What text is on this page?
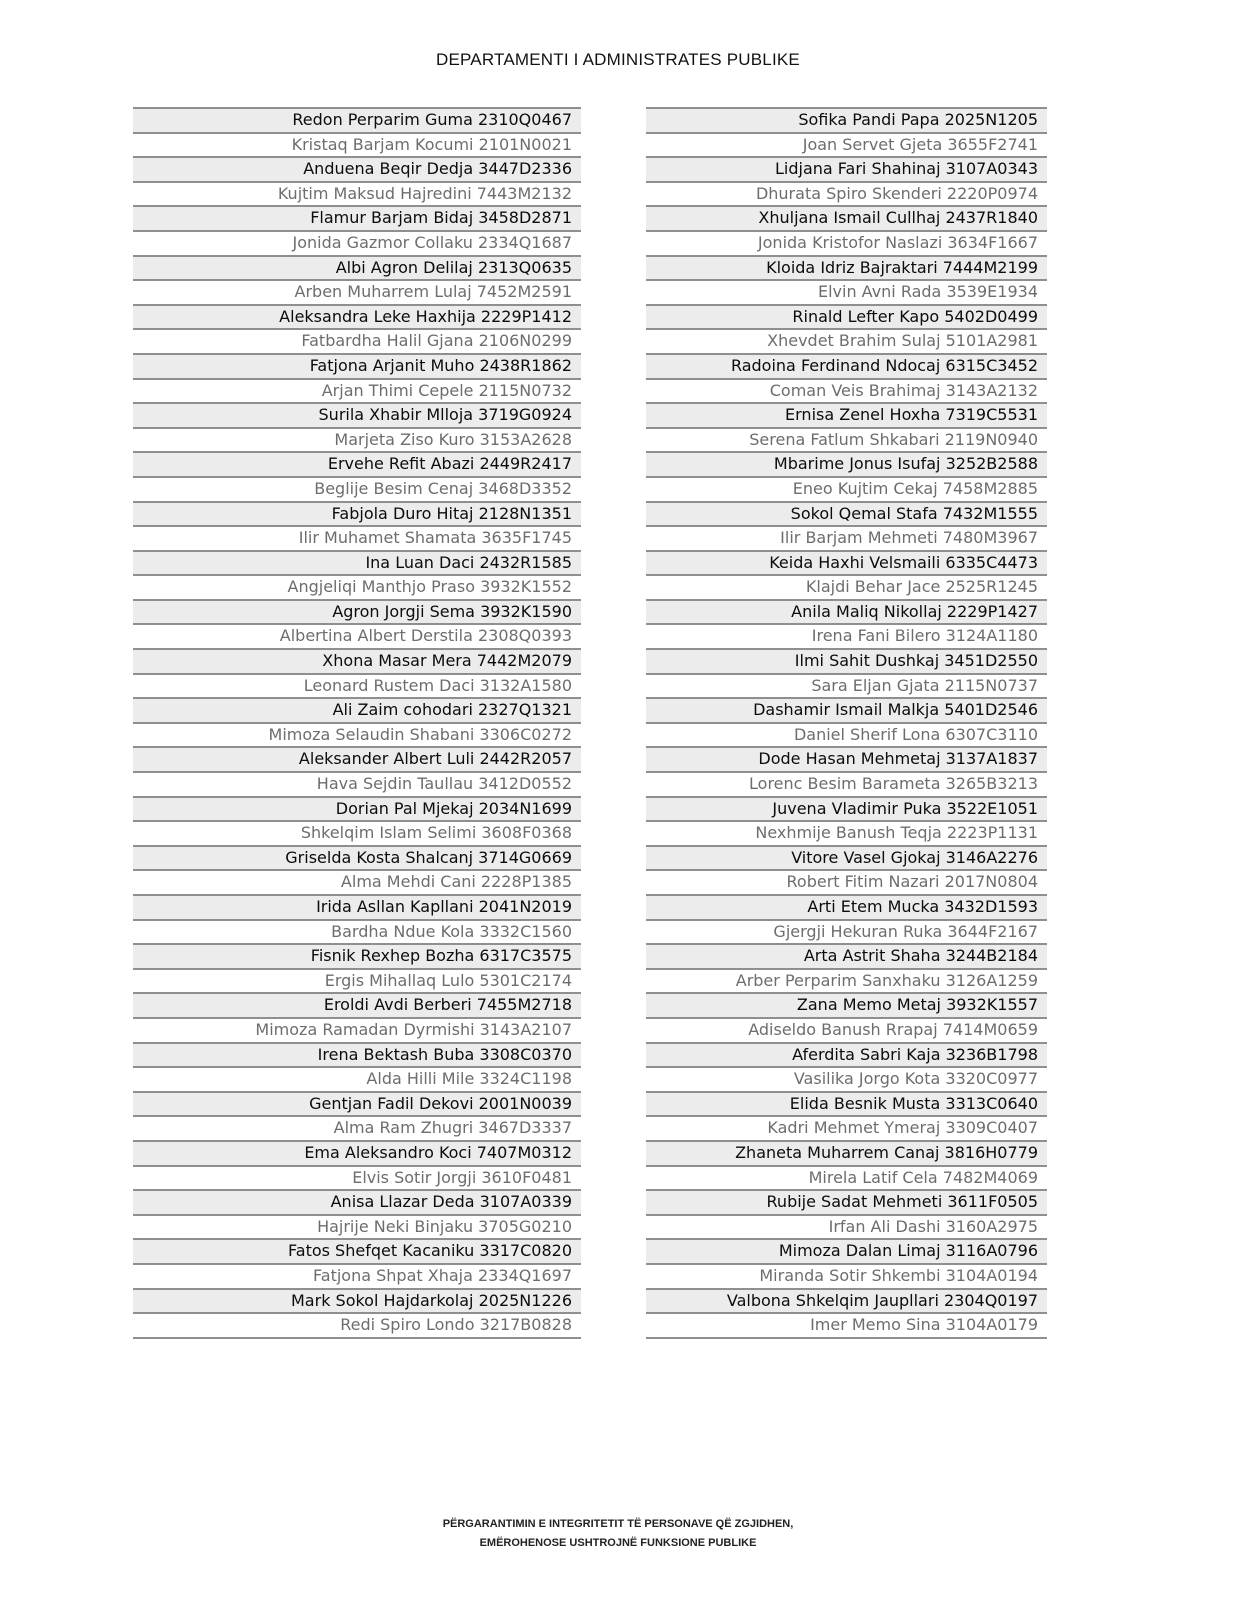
DEPARTAMENTI I ADMINISTRATES PUBLIKE
Redon Perparim Guma 2310Q0467
Kristaq Barjam Kocumi 2101N0021
Anduena Beqir Dedja 3447D2336
Kujtim Maksud Hajredini 7443M2132
Flamur Barjam Bidaj 3458D2871
Jonida Gazmor Collaku 2334Q1687
Albi Agron Delilaj 2313Q0635
Arben Muharrem Lulaj 7452M2591
Aleksandra Leke Haxhija 2229P1412
Fatbardha Halil Gjana 2106N0299
Fatjona Arjanit Muho 2438R1862
Arjan Thimi Cepele 2115N0732
Surila Xhabir Mlloja 3719G0924
Marjeta Ziso Kuro 3153A2628
Ervehe Refit Abazi 2449R2417
Beglije Besim Cenaj 3468D3352
Fabjola Duro Hitaj 2128N1351
Ilir Muhamet Shamata 3635F1745
Ina Luan Daci 2432R1585
Angjeliqi Manthjo Praso 3932K1552
Agron Jorgji Sema 3932K1590
Albertina Albert Derstila 2308Q0393
Xhona Masar Mera 7442M2079
Leonard Rustem Daci 3132A1580
Ali Zaim cohodari 2327Q1321
Mimoza Selaudin Shabani 3306C0272
Aleksander Albert Luli 2442R2057
Hava Sejdin Taullau 3412D0552
Dorian Pal Mjekaj 2034N1699
Shkelqim Islam Selimi 3608F0368
Griselda Kosta Shalcanj 3714G0669
Alma Mehdi Cani 2228P1385
Irida Asllan Kapllani 2041N2019
Bardha Ndue Kola 3332C1560
Fisnik Rexhep Bozha 6317C3575
Ergis Mihallaq Lulo 5301C2174
Eroldi Avdi Berberi 7455M2718
Mimoza Ramadan Dyrmishi 3143A2107
Irena Bektash Buba 3308C0370
Alda Hilli Mile 3324C1198
Gentjan Fadil Dekovi 2001N0039
Alma Ram Zhugri 3467D3337
Ema Aleksandro Koci 7407M0312
Elvis Sotir Jorgji 3610F0481
Anisa Llazar Deda 3107A0339
Hajrije Neki Binjaku 3705G0210
Fatos Shefqet Kacaniku 3317C0820
Fatjona Shpat Xhaja 2334Q1697
Mark Sokol Hajdarkolaj 2025N1226
Redi Spiro Londo 3217B0828
Sofika Pandi Papa 2025N1205
Joan Servet Gjeta 3655F2741
Lidjana Fari Shahinaj 3107A0343
Dhurata Spiro Skenderi 2220P0974
Xhuljana Ismail Cullhaj 2437R1840
Jonida Kristofor Naslazi 3634F1667
Kloida Idriz Bajraktari 7444M2199
Elvin Avni Rada 3539E1934
Rinald Lefter Kapo 5402D0499
Xhevdet Brahim Sulaj 5101A2981
Radoina Ferdinand Ndocaj 6315C3452
Coman Veis Brahimaj 3143A2132
Ernisa Zenel Hoxha 7319C5531
Serena Fatlum Shkabari 2119N0940
Mbarime Jonus Isufaj 3252B2588
Eneo Kujtim Cekaj 7458M2885
Sokol Qemal Stafa 7432M1555
Ilir Barjam Mehmeti 7480M3967
Keida Haxhi Velsmaili 6335C4473
Klajdi Behar Jace 2525R1245
Anila Maliq Nikollaj 2229P1427
Irena Fani Bilero 3124A1180
Ilmi Sahit Dushkaj 3451D2550
Sara Eljan Gjata 2115N0737
Dashamir Ismail Malkja 5401D2546
Daniel Sherif Lona 6307C3110
Dode Hasan Mehmetaj 3137A1837
Lorenc Besim Barameta 3265B3213
Juvena Vladimir Puka 3522E1051
Nexhmije Banush Teqja 2223P1131
Vitore Vasel Gjokaj 3146A2276
Robert Fitim Nazari 2017N0804
Arti Etem Mucka 3432D1593
Gjergji Hekuran Ruka 3644F2167
Arta Astrit Shaha 3244B2184
Arber Perparim Sanxhaku 3126A1259
Zana Memo Metaj 3932K1557
Adiseldo Banush Rrapaj 7414M0659
Aferdita Sabri Kaja 3236B1798
Vasilika Jorgo Kota 3320C0977
Elida Besnik Musta 3313C0640
Kadri Mehmet Ymeraj 3309C0407
Zhaneta Muharrem Canaj 3816H0779
Mirela Latif Cela 7482M4069
Rubije Sadat Mehmeti 3611F0505
Irfan Ali Dashi 3160A2975
Mimoza Dalan Limaj 3116A0796
Miranda Sotir Shkembi 3104A0194
Valbona Shkelqim Jaupllari 2304Q0197
Imer Memo Sina 3104A0179
PËRGARANTIMIN E INTEGRITETIT TË PERSONAVE QË ZGJIDHEN,
EMËROHENOSE USHTROJNË FUNKSIONE PUBLIKE
